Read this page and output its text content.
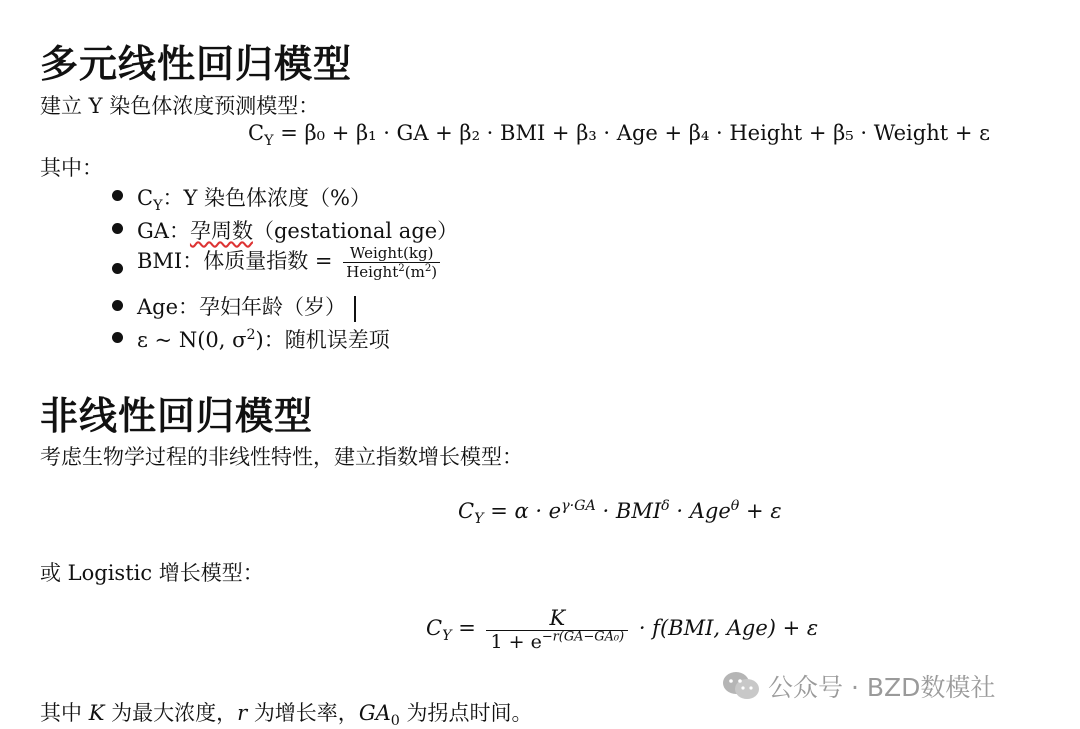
多元线性回归模型
建立 Y 染色体浓度预测模型：
$C_Y = \beta_0 + \beta_1$ · GA + β₂ · BMI + β₃ · Age + β₄ · Height + β₅ · Weight + ε
其中：
$C_Y$：Y 染色体浓度（%）
GA：孕周数（gestational age）
BMI：体质量指数 = $\frac{\text{Weight(kg)}}{Height^2(m^2)}$
Age：孕妇年龄（岁）
ε ~ N(0, $\sigma^2$)：随机误差项
非线性回归模型
考虑生物学过程的非线性特性，建立指数增长模型：
$C_Y = \alpha \cdot e^{\gamma\cdot GA} \cdot BMI^\delta \cdot Age^\theta + \varepsilon$
或 Logistic 增长模型：
$C_Y = \frac{K}{1 + e^{-r(GA-GA_0)}} \cdot f(BMI$, Age) + ε
其中 K 为最大浓度，r 为增长率，$GA_0$ 为拐点时间。
公众号 · BZD数模社
